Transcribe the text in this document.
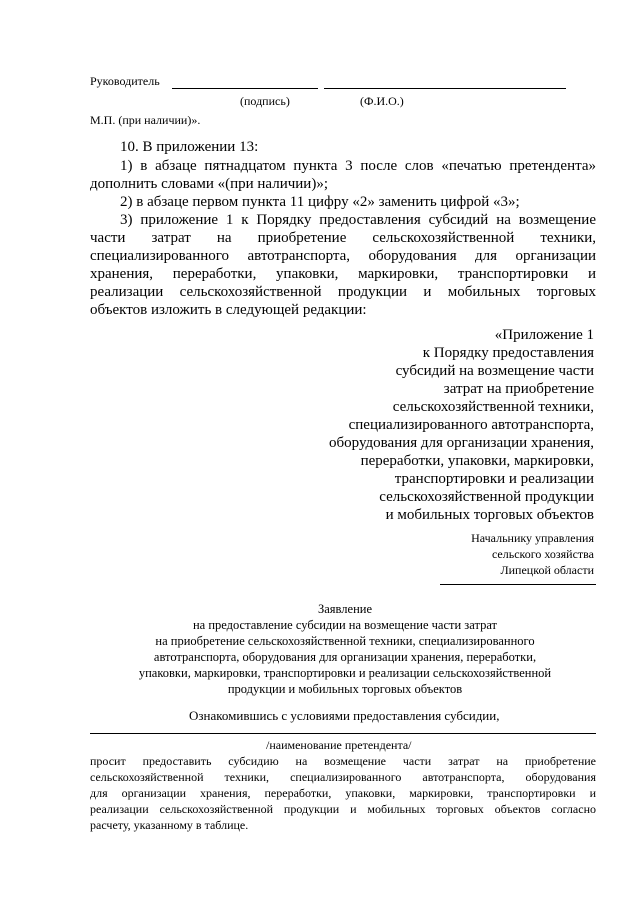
Руководитель
(подпись)	(Ф.И.О.)
М.П. (при наличии)».
10. В приложении 13:
1) в абзаце пятнадцатом пункта 3 после слов «печатью претендента»
дополнить словами «(при наличии)»;
2) в абзаце первом пункта 11 цифру «2» заменить цифрой «3»;
3) приложение 1 к Порядку предоставления субсидий на возмещение
части затрат на приобретение сельскохозяйственной техники,
специализированного автотранспорта, оборудования для организации
хранения, переработки, упаковки, маркировки, транспортировки и
реализации сельскохозяйственной продукции и мобильных торговых
объектов изложить в следующей редакции:
«Приложение 1
к Порядку предоставления
субсидий на возмещение части
затрат на приобретение
сельскохозяйственной техники,
специализированного автотранспорта,
оборудования для организации хранения,
переработки, упаковки, маркировки,
транспортировки и реализации
сельскохозяйственной продукции
и мобильных торговых объектов
Начальнику управления
сельского хозяйства
Липецкой области
Заявление
на предоставление субсидии на возмещение части затрат
на приобретение сельскохозяйственной техники, специализированного
автотранспорта, оборудования для организации хранения, переработки,
упаковки, маркировки, транспортировки и реализации сельскохозяйственной
продукции и мобильных торговых объектов
Ознакомившись с условиями предоставления субсидии,
/наименование претендента/
просит предоставить субсидию на возмещение части затрат на приобретение
сельскохозяйственной техники, специализированного автотранспорта, оборудования
для организации хранения, переработки, упаковки, маркировки, транспортировки и
реализации сельскохозяйственной продукции и мобильных торговых объектов согласно
расчету, указанному в таблице.
